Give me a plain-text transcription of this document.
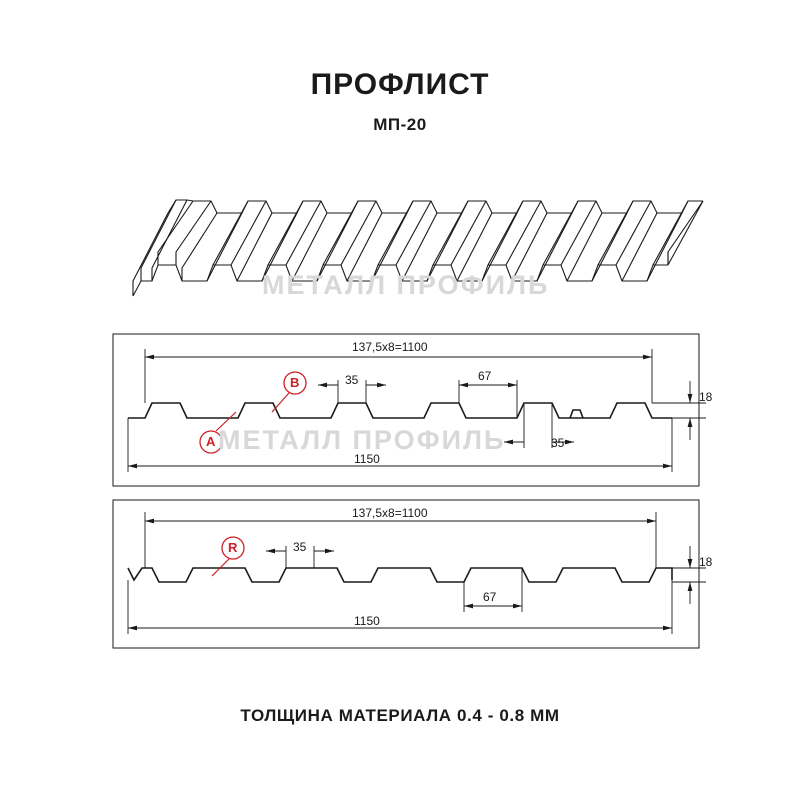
МЕТАЛЛ ПРОФИЛЬ
МЕТАЛЛ ПРОФИЛЬ
ПРОФЛИСТ
МП-20
ТОЛЩИНА МАТЕРИАЛА 0.4 - 0.8 ММ
137,5х8=1100
1150
35	67
35
18
A
B
137,5х8=1100
1150
35
67
18
R
